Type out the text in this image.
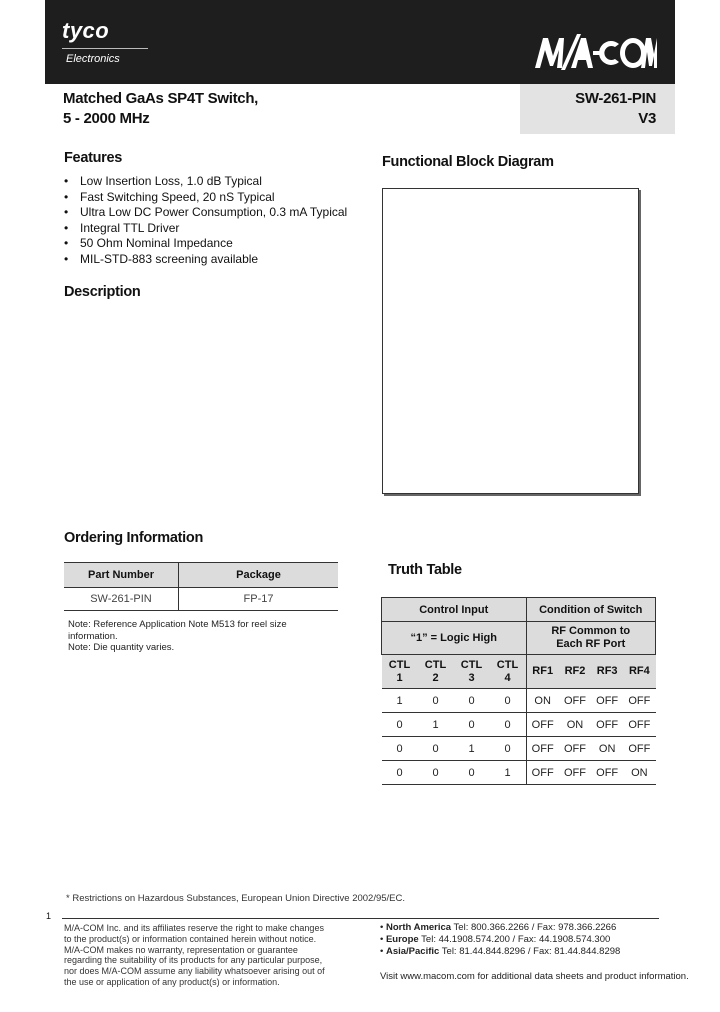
tyco
Electronics
Matched GaAs SP4T Switch,
5 - 2000 MHz
SW-261-PIN
V3
Features
• Low Insertion Loss, 1.0 dB Typical
• Fast Switching Speed, 20 nS Typical
• Ultra Low DC Power Consumption, 0.3 mA Typical
• Integral TTL Driver
• 50 Ohm Nominal Impedance
• MIL-STD-883 screening available
Description
Functional Block Diagram
Ordering Information
Part Number	Package
SW-261-PIN	FP-17
Note: Reference Application Note M513 for reel size information.
Note: Die quantity varies.
Truth Table
Control Input				Condition of Switch			
“1” = Logic High				RF Common to Each RF Port			
CTL 1	CTL 2	CTL 3	CTL 4	RF1	RF2	RF3	RF4
1	0	0	0	ON	OFF	OFF	OFF
0	1	0	0	OFF	ON	OFF	OFF
0	0	1	0	OFF	OFF	ON	OFF
0	0	0	1	OFF	OFF	OFF	ON
* Restrictions on Hazardous Substances, European Union Directive 2002/95/EC.
1
M/A-COM Inc. and its affiliates reserve the right to make changes to the product(s) or information contained herein without notice. M/A-COM makes no warranty, representation or guarantee regarding the suitability of its products for any particular purpose, nor does M/A-COM assume any liability whatsoever arising out of the use or application of any product(s) or information.
• North America Tel: 800.366.2266 / Fax: 978.366.2266
• Europe Tel: 44.1908.574.200 / Fax: 44.1908.574.300
• Asia/Pacific Tel: 81.44.844.8296 / Fax: 81.44.844.8298
Visit www.macom.com for additional data sheets and product information.
